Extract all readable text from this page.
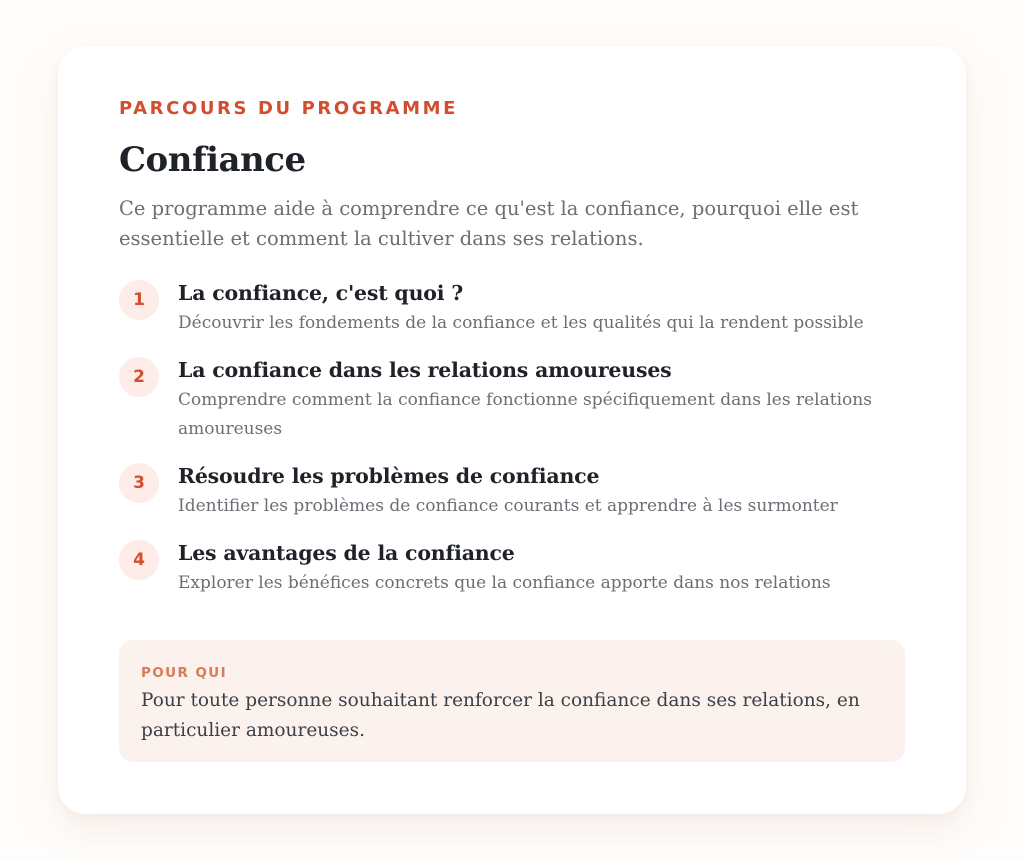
PARCOURS DU PROGRAMME

Confiance

Ce programme aide à comprendre ce qu'est la confiance, pourquoi elle est essentielle et comment la cultiver dans ses relations.

1	La confiance, c'est quoi ?
Découvrir les fondements de la confiance et les qualités qui la rendent possible
2	La confiance dans les relations amoureuses
Comprendre comment la confiance fonctionne spécifiquement dans les relations amoureuses
3	Résoudre les problèmes de confiance
Identifier les problèmes de confiance courants et apprendre à les surmonter
4	Les avantages de la confiance
Explorer les bénéfices concrets que la confiance apporte dans nos relations
POUR QUI
Pour toute personne souhaitant renforcer la confiance dans ses relations, en particulier amoureuses.
